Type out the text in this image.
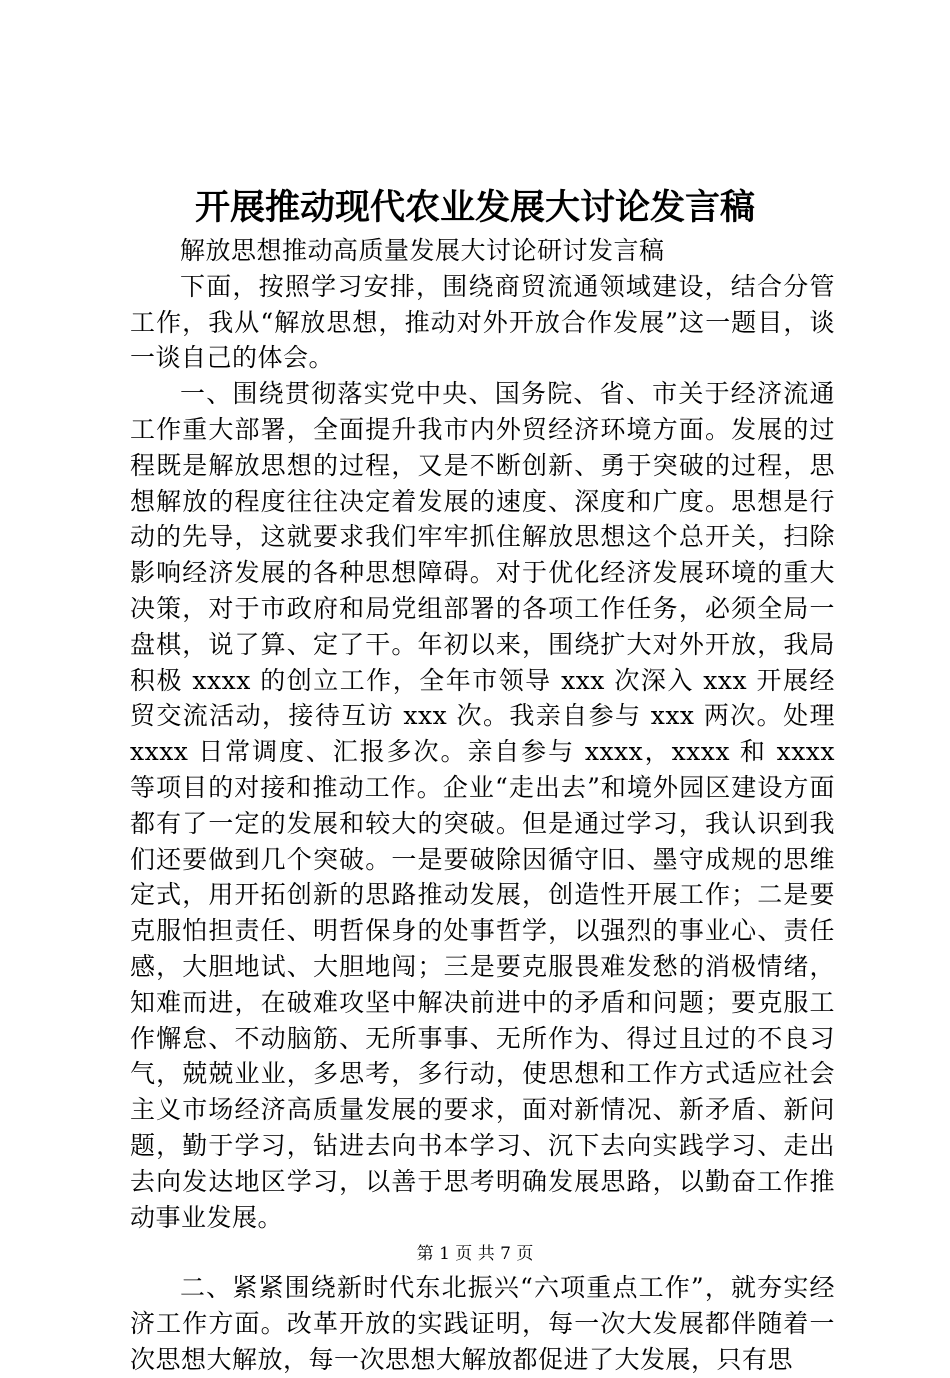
开展推动现代农业发展大讨论发言稿

解放思想推动高质量发展大讨论研讨发言稿

下面，按照学习安排，围绕商贸流通领域建设，结合分管工作，我从“解放思想，推动对外开放合作发展”这一题目，谈一谈自己的体会。

一、围绕贯彻落实党中央、国务院、省、市关于经济流通工作重大部署，全面提升我市内外贸经济环境方面。发展的过程既是解放思想的过程，又是不断创新、勇于突破的过程，思想解放的程度往往决定着发展的速度、深度和广度。思想是行动的先导，这就要求我们牢牢抓住解放思想这个总开关，扫除影响经济发展的各种思想障碍。对于优化经济发展环境的重大决策，对于市政府和局党组部署的各项工作任务，必须全局一盘棋，说了算、定了干。年初以来，围绕扩大对外开放，我局积极 xxxx 的创立工作，全年市领导 xxx 次深入 xxx 开展经贸交流活动，接待互访 xxx 次。我亲自参与 xxx 两次。处理 xxxx 日常调度、汇报多次。亲自参与 xxxx，xxxx 和 xxxx 等项目的对接和推动工作。企业“走出去”和境外园区建设方面都有了一定的发展和较大的突破。但是通过学习，我认识到我们还要做到几个突破。一是要破除因循守旧、墨守成规的思维定式，用开拓创新的思路推动发展，创造性开展工作；二是要克服怕担责任、明哲保身的处事哲学，以强烈的事业心、责任感，大胆地试、大胆地闯；三是要克服畏难发愁的消极情绪，知难而进，在破难攻坚中解决前进中的矛盾和问题；要克服工作懈怠、不动脑筋、无所事事、无所作为、得过且过的不良习气，兢兢业业，多思考，多行动，使思想和工作方式适应社会主义市场经济高质量发展的要求，面对新情况、新矛盾、新问题，勤于学习，钻进去向书本学习、沉下去向实践学习、走出去向发达地区学习，以善于思考明确发展思路，以勤奋工作推动事业发展。

二、紧紧围绕新时代东北振兴“六项重点工作”，就夯实经济工作方面。改革开放的实践证明，每一次大发展都伴随着一次思想大解放，每一次思想大解放都促进了大发展，只有思

第 1 页 共 7 页
